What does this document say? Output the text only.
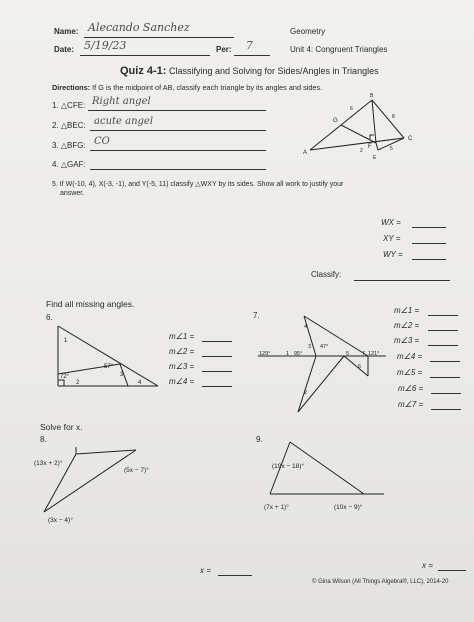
Name: Alecando Sanchez	Geometry
Date: 5/19/23	Per: 7	Unit 4: Congruent Triangles
Quiz 4-1: Classifying and Solving for Sides/Angles in Triangles
Directions: If G is the midpoint of AB, classify each triangle by its angles and sides.
1. △CFE: Right angel
2. △BEC: acute angel
3. △BFG: CO
4. △GAF:
B
G
A
F
C
E
6
8
2	5
5. If W(-10, 4), X(-3, -1), and Y(-5, 11) classify △WXY by its sides. Show all work to justify your
answer.
WX =
XY =
WY =
Classify:
Find all missing angles.
6.
1
2
3
4
57°
72°
m∠1 =
m∠2 =
m∠3 =
m∠4 =
7.
129°	95°
47°
121°
1
2
3
4
5
6
7
m∠1 =
m∠2 =
m∠3 =
m∠4 =
m∠5 =
m∠6 =
m∠7 =
Solve for x.
8.
(13x + 2)°
(5x − 7)°
(3x − 4)°
9.
(19x − 18)°
(7x + 1)°	(10x − 9)°
x =
x =
© Gina Wilson (All Things Algebra®, LLC), 2014-20
